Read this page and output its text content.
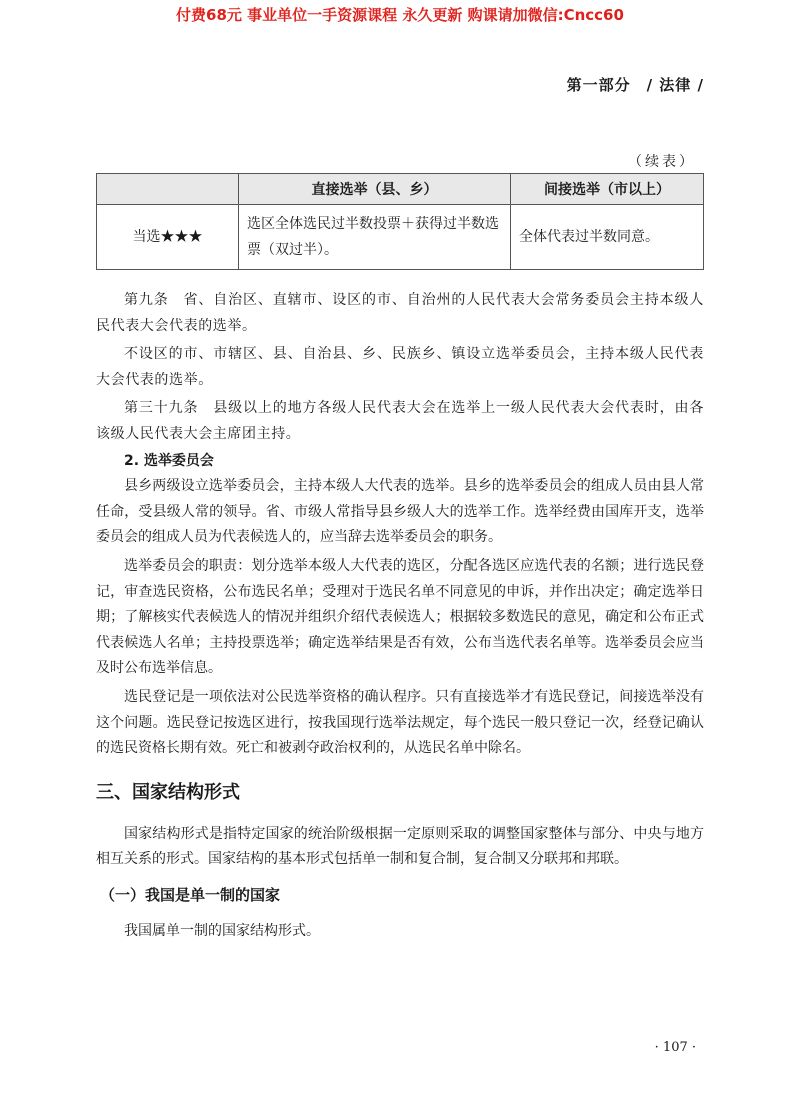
付费68元 事业单位一手资源课程 永久更新 购课请加微信:Cncc60
第一部分　/ 法律 /
（续表）
	直接选举（县、乡）	间接选举（市以上）
当选★★★	选区全体选民过半数投票＋获得过半数选票（双过半）。	全体代表过半数同意。

第九条　省、自治区、直辖市、设区的市、自治州的人民代表大会常务委员会主持本级人民代表大会代表的选举。

不设区的市、市辖区、县、自治县、乡、民族乡、镇设立选举委员会，主持本级人民代表大会代表的选举。

第三十九条　县级以上的地方各级人民代表大会在选举上一级人民代表大会代表时，由各该级人民代表大会主席团主持。

2. 选举委员会

县乡两级设立选举委员会，主持本级人大代表的选举。县乡的选举委员会的组成人员由县人常任命，受县级人常的领导。省、市级人常指导县乡级人大的选举工作。选举经费由国库开支，选举委员会的组成人员为代表候选人的，应当辞去选举委员会的职务。

选举委员会的职责：划分选举本级人大代表的选区，分配各选区应选代表的名额；进行选民登记，审查选民资格，公布选民名单；受理对于选民名单不同意见的申诉，并作出决定；确定选举日期；了解核实代表候选人的情况并组织介绍代表候选人；根据较多数选民的意见，确定和公布正式代表候选人名单；主持投票选举；确定选举结果是否有效，公布当选代表名单等。选举委员会应当及时公布选举信息。

选民登记是一项依法对公民选举资格的确认程序。只有直接选举才有选民登记，间接选举没有这个问题。选民登记按选区进行，按我国现行选举法规定，每个选民一般只登记一次，经登记确认的选民资格长期有效。死亡和被剥夺政治权利的，从选民名单中除名。

三、国家结构形式

国家结构形式是指特定国家的统治阶级根据一定原则采取的调整国家整体与部分、中央与地方相互关系的形式。国家结构的基本形式包括单一制和复合制，复合制又分联邦和邦联。

（一）我国是单一制的国家

我国属单一制的国家结构形式。

· 107 ·
